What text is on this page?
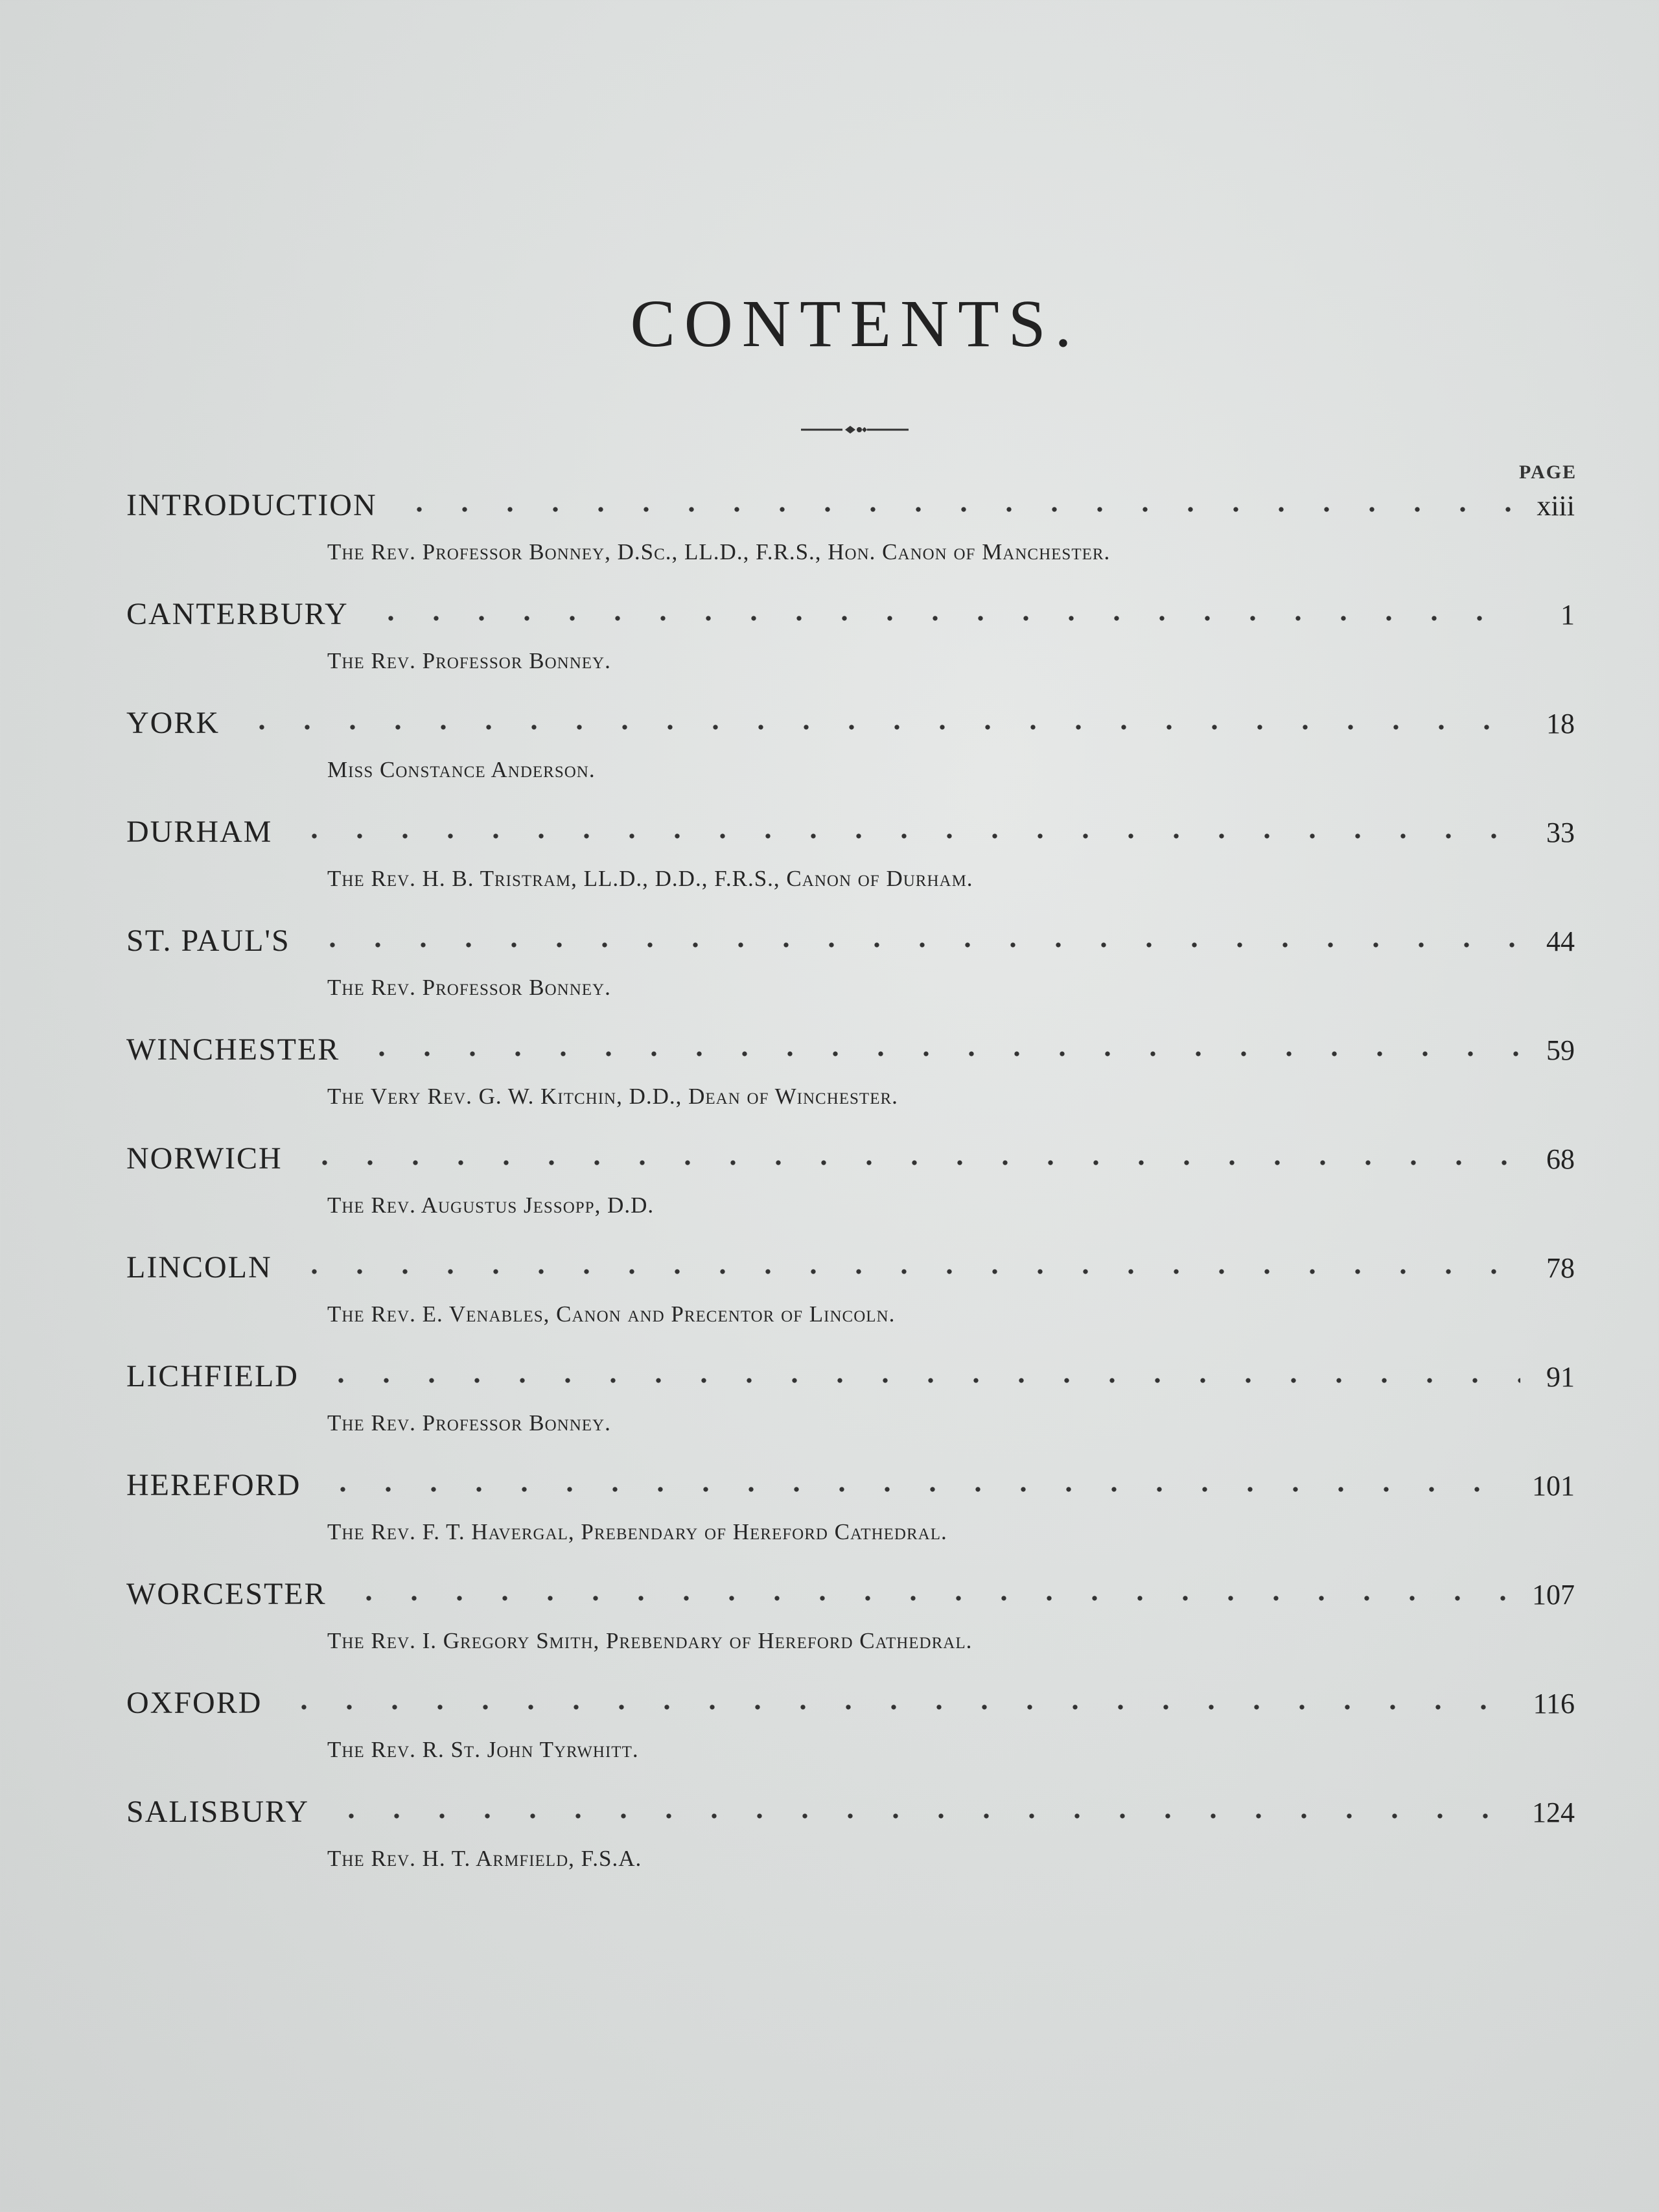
CONTENTS.
PAGE
INTRODUCTION	xiii
The Rev. Professor Bonney, D.Sc., LL.D., F.R.S., Hon. Canon of Manchester.
CANTERBURY	1
The Rev. Professor Bonney.
YORK	18
Miss Constance Anderson.
DURHAM	33
The Rev. H. B. Tristram, LL.D., D.D., F.R.S., Canon of Durham.
ST. PAUL'S	44
The Rev. Professor Bonney.
WINCHESTER	59
The Very Rev. G. W. Kitchin, D.D., Dean of Winchester.
NORWICH	68
The Rev. Augustus Jessopp, D.D.
LINCOLN	78
The Rev. E. Venables, Canon and Precentor of Lincoln.
LICHFIELD	91
The Rev. Professor Bonney.
HEREFORD	101
The Rev. F. T. Havergal, Prebendary of Hereford Cathedral.
WORCESTER	107
The Rev. I. Gregory Smith, Prebendary of Hereford Cathedral.
OXFORD	116
The Rev. R. St. John Tyrwhitt.
SALISBURY	124
The Rev. H. T. Armfield, F.S.A.
